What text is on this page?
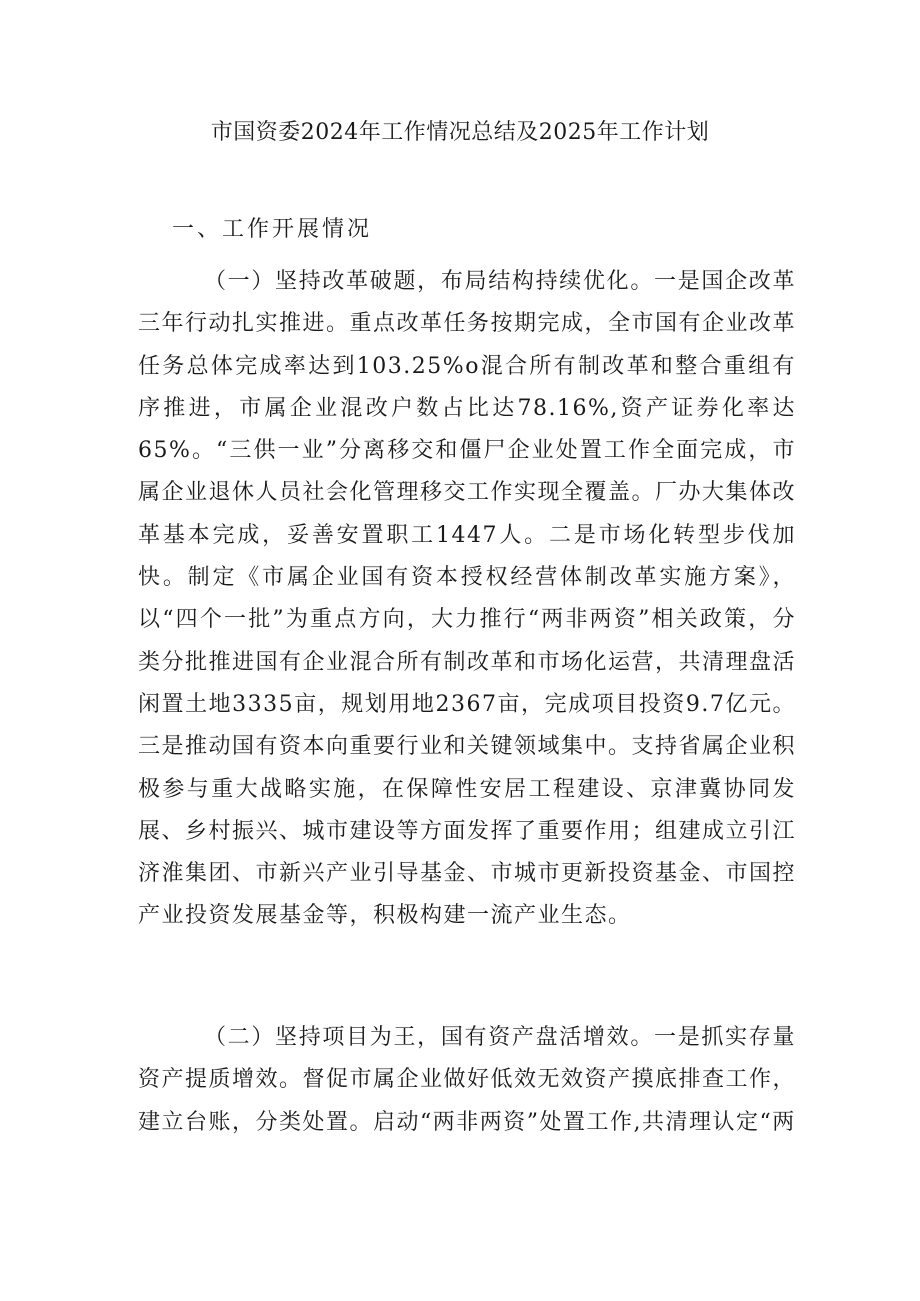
市国资委2024年工作情况总结及2025年工作计划
一、工作开展情况

（一）坚持改革破题，布局结构持续优化。一是国企改革三年行动扎实推进。重点改革任务按期完成，全市国有企业改革任务总体完成率达到103.25%o混合所有制改革和整合重组有序推进，市属企业混改户数占比达78.16%,资产证券化率达65%。“三供一业”分离移交和僵尸企业处置工作全面完成，市属企业退休人员社会化管理移交工作实现全覆盖。厂办大集体改革基本完成，妥善安置职工1447人。二是市场化转型步伐加快。制定《市属企业国有资本授权经营体制改革实施方案》，以“四个一批”为重点方向，大力推行“两非两资”相关政策，分类分批推进国有企业混合所有制改革和市场化运营，共清理盘活闲置土地3335亩，规划用地2367亩，完成项目投资9.7亿元。三是推动国有资本向重要行业和关键领域集中。支持省属企业积极参与重大战略实施，在保障性安居工程建设、京津冀协同发展、乡村振兴、城市建设等方面发挥了重要作用；组建成立引江济淮集团、市新兴产业引导基金、市城市更新投资基金、市国控产业投资发展基金等，积极构建一流产业生态。

（二）坚持项目为王，国有资产盘活增效。一是抓实存量资产提质增效。督促市属企业做好低效无效资产摸底排查工作，建立台账，分类处置。启动“两非两资”处置工作,共清理认定“两
